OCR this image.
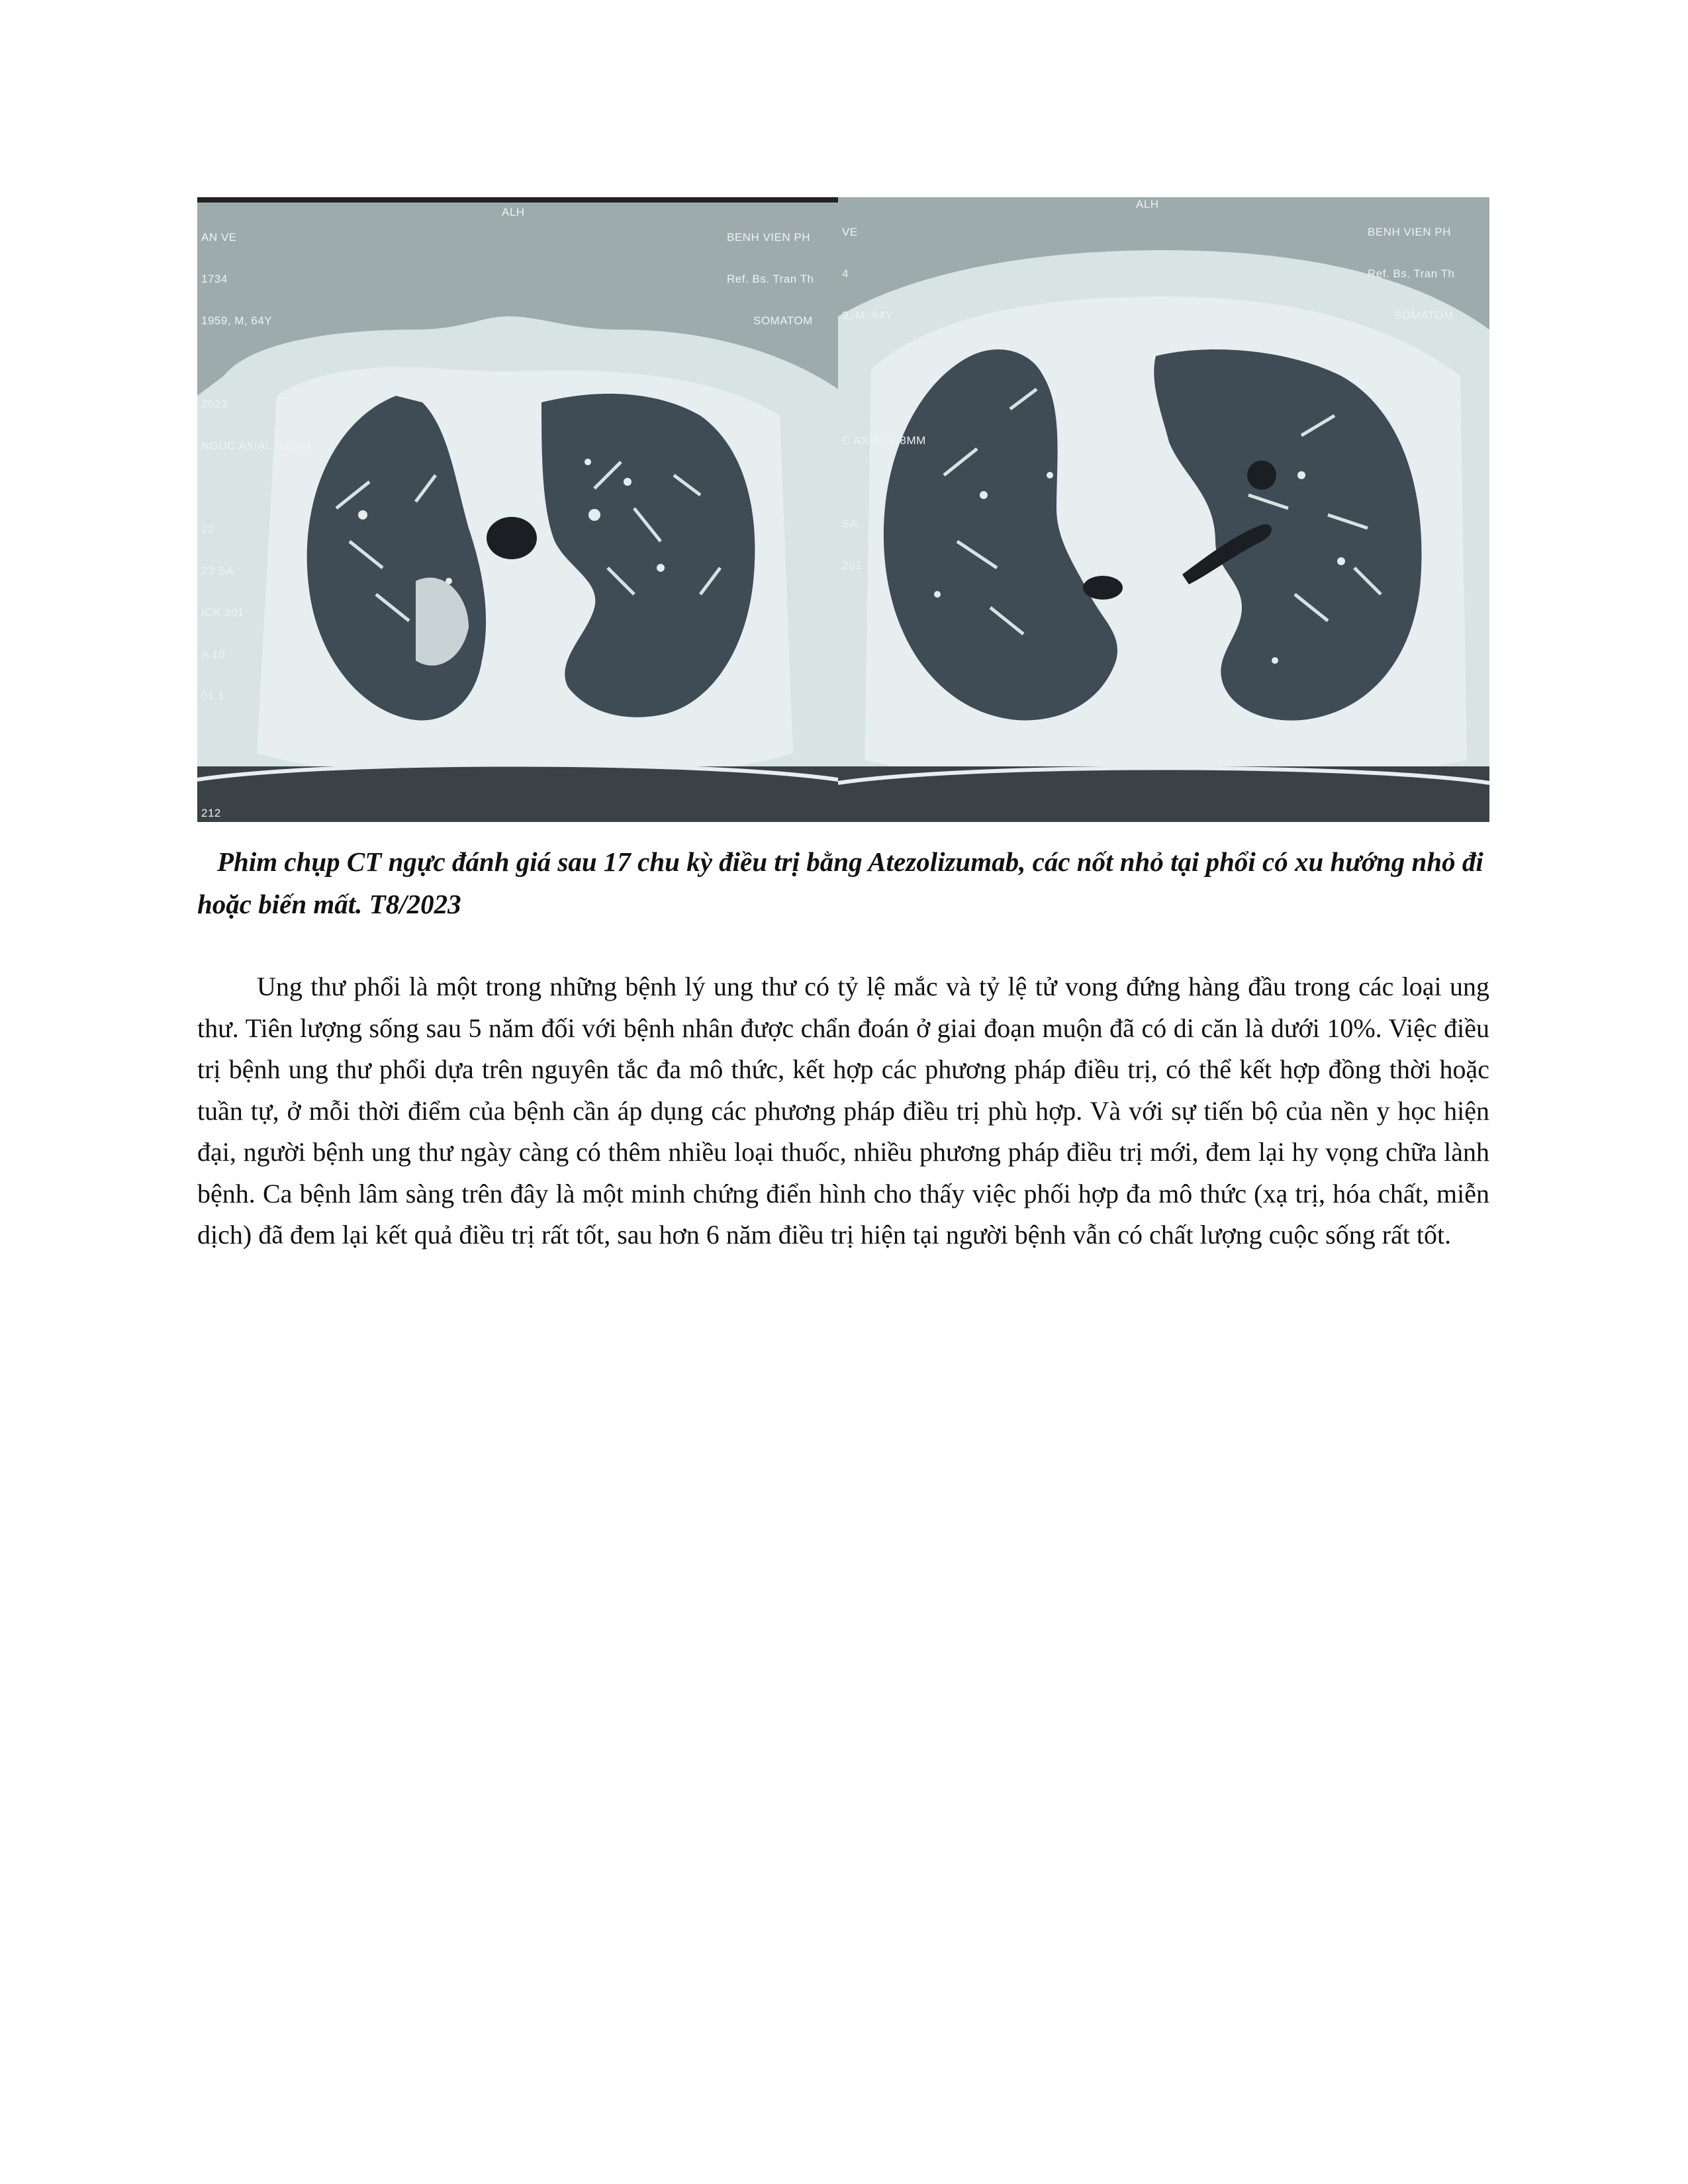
ALH

BENH VIEN PH

Ref. Bs. Tran Th

SOMATOM

AN VE

1734

1959, M, 64Y

2023

NGUC AXIAL 0.8MM

22

23 SA

ICK 201

A 10

01.1

212
ALH

BENH VIEN PH

Ref. Bs. Tran Th

SOMATOM

VE

4

9, M, 64Y

C AXIAL 0.8MM

SA

201

Phim chụp CT ngực đánh giá sau 17 chu kỳ điều trị bằng Atezolizumab, các nốt nhỏ tại phổi có xu hướng nhỏ đi hoặc biến mất. T8/2023

Ung thư phổi là một trong những bệnh lý ung thư có tỷ lệ mắc và tỷ lệ tử vong đứng hàng đầu trong các loại ung thư. Tiên lượng sống sau 5 năm đối với bệnh nhân được chẩn đoán ở giai đoạn muộn đã có di căn là dưới 10%. Việc điều trị bệnh ung thư phổi dựa trên nguyên tắc đa mô thức, kết hợp các phương pháp điều trị, có thể kết hợp đồng thời hoặc tuần tự, ở mỗi thời điểm của bệnh cần áp dụng các phương pháp điều trị phù hợp. Và với sự tiến bộ của nền y học hiện đại, người bệnh ung thư ngày càng có thêm nhiều loại thuốc, nhiều phương pháp điều trị mới, đem lại hy vọng chữa lành bệnh. Ca bệnh lâm sàng trên đây là một minh chứng điển hình cho thấy việc phối hợp đa mô thức (xạ trị, hóa chất, miễn dịch) đã đem lại kết quả điều trị rất tốt, sau hơn 6 năm điều trị hiện tại người bệnh vẫn có chất lượng cuộc sống rất tốt.
